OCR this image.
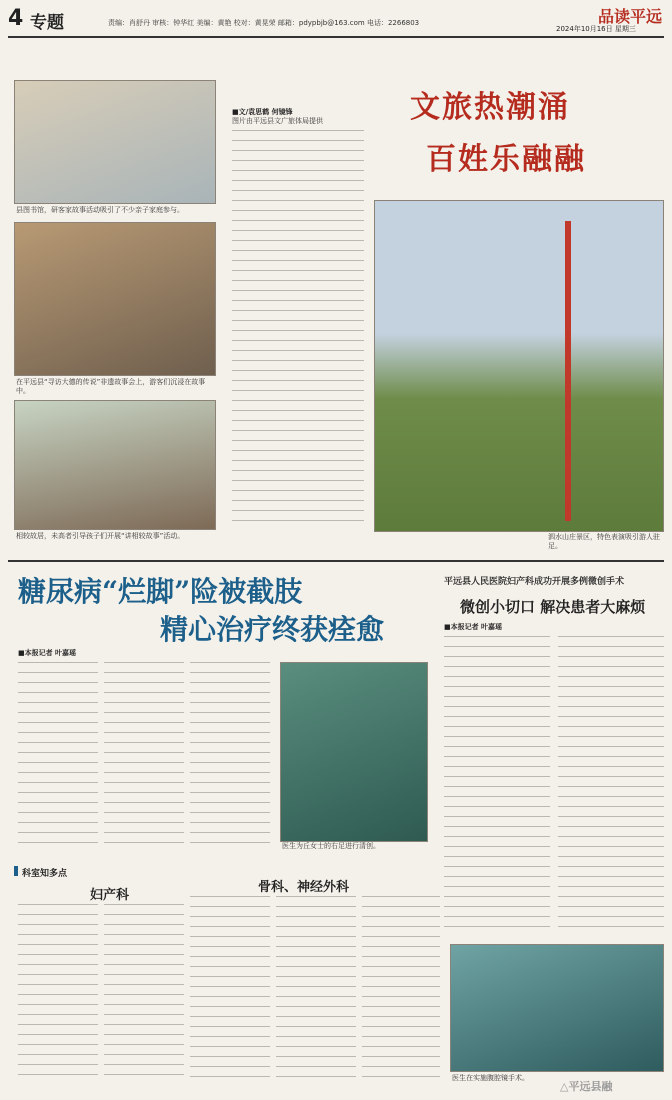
4 专题	责编：肖舒丹 审核：钟华红 美编：黄艳 校对：黄晃荣 邮箱：pdypbjb@163.com 电话：2266803	品读平远
2024年10月16日 星期三
县图书馆，研客家故事活动吸引了不少亲子家庭参与。
在平远县“寻访大德的传说”非遗故事会上，游客们沉浸在故事中。
相较故居，未高者引导孩子们开展“讲相较故事”活动。
■文/袁思鹤 何镜锋
图片由平远县文广旅体局提供	文旅热潮涌
百姓乐融融
泗水山庄景区，特色表演吸引游人驻足。
糖尿病“烂脚”险被截肢
精心治疗终获痊愈
■本报记者 叶嘉瑶
医生为丘女士的右足进行清创。
平远县人民医院妇产科成功开展多例微创手术
微创小切口 解决患者大麻烦
■本报记者 叶嘉瑶
医生在实施腹腔镜手术。
科室知多点
妇产科
骨科、神经外科
△平远县融
